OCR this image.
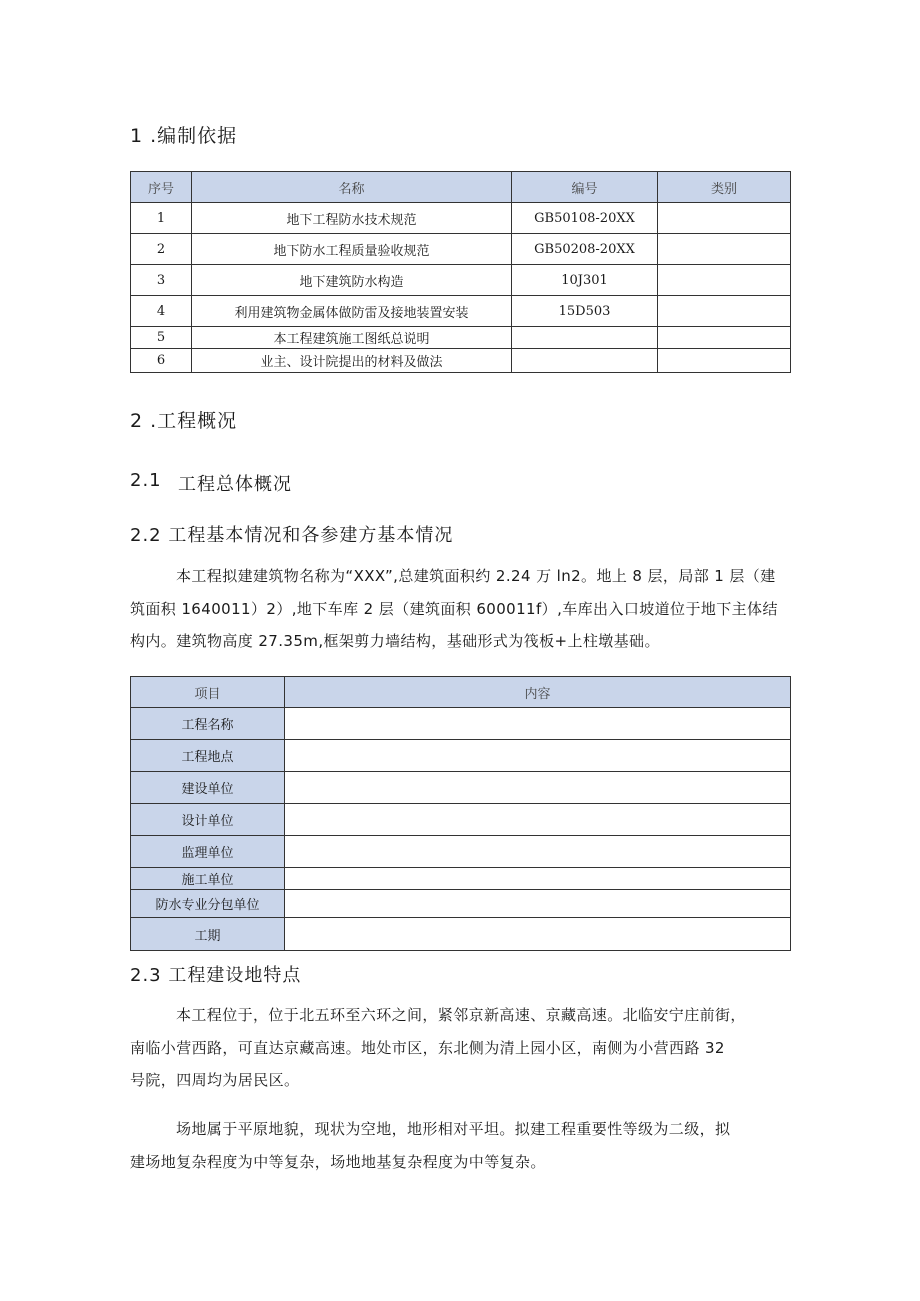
1 .编制依据
序号	名称	编号	类别
1	地下工程防水技术规范	GB50108-20XX	
2	地下防水工程质量验收规范	GB50208-20XX	
3	地下建筑防水构造	10J301	
4	利用建筑物金属体做防雷及接地装置安装	15D503	
5	本工程建筑施工图纸总说明		
6	业主、设计院提出的材料及做法		
2 .工程概况
2.1 工程总体概况
2.2 工程基本情况和各参建方基本情况
本工程拟建建筑物名称为“XXX”,总建筑面积约 2.24 万 ln2。地上 8 层，局部 1 层（建
筑面积 1640011）2）,地下车库 2 层（建筑面积 600011f）,车库出入口坡道位于地下主体结
构内。建筑物高度 27.35m,框架剪力墙结构，基础形式为筏板+上柱墩基础。
项目	内容
工程名称	
工程地点	
建设单位	
设计单位	
监理单位	
施工单位	
防水专业分包单位	
工期	
2.3 工程建设地特点
本工程位于，位于北五环至六环之间，紧邻京新高速、京藏高速。北临安宁庄前街，
南临小营西路，可直达京藏高速。地处市区，东北侧为清上园小区，南侧为小营西路 32
号院，四周均为居民区。
场地属于平原地貌，现状为空地，地形相对平坦。拟建工程重要性等级为二级，拟
建场地复杂程度为中等复杂，场地地基复杂程度为中等复杂。
